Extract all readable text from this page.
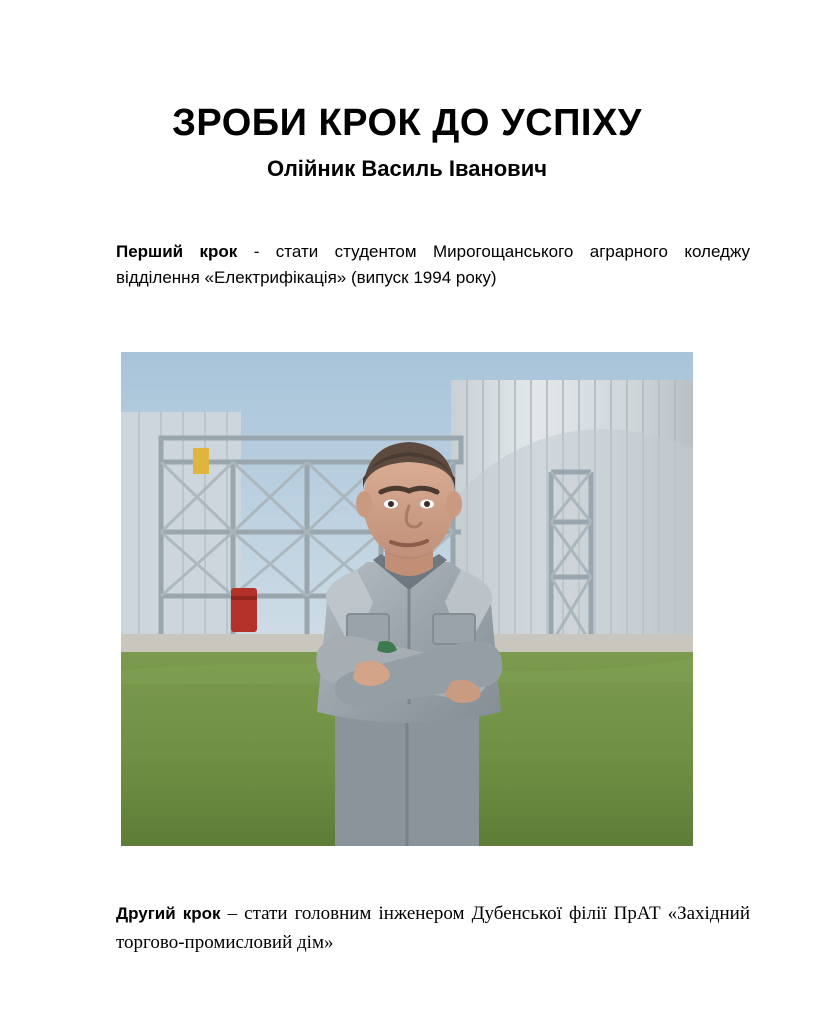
ЗРОБИ КРОК ДО УСПІХУ
Олійник Василь Іванович

Перший крок - стати студентом Мирогощанського аграрного коледжу відділення «Електрифікація» (випуск 1994 року)

Другий крок – стати головним інженером Дубенської філії ПрАТ «Західний торгово-промисловий дім»
